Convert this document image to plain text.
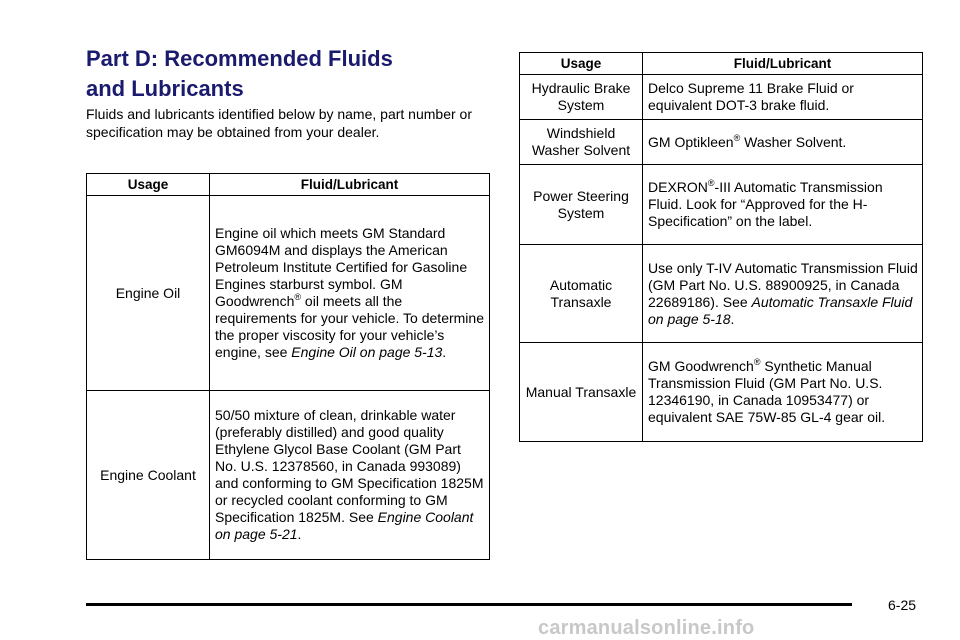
Part D: Recommended Fluids
and Lubricants

Fluids and lubricants identified below by name, part number or specification may be obtained from your dealer.

Usage	Fluid/Lubricant
Engine Oil	Engine oil which meets GM Standard GM6094M and displays the American Petroleum Institute Certified for Gasoline Engines starburst symbol. GM Goodwrench® oil meets all the requirements for your vehicle. To determine the proper viscosity for your vehicle’s engine, see Engine Oil on page 5-13.
Engine Coolant	50/50 mixture of clean, drinkable water (preferably distilled) and good quality Ethylene Glycol Base Coolant (GM Part No. U.S. 12378560, in Canada 993089) and conforming to GM Specification 1825M or recycled coolant conforming to GM Specification 1825M. See Engine Coolant on page 5-21.
Usage	Fluid/Lubricant
Hydraulic Brake System	Delco Supreme 11 Brake Fluid or equivalent DOT-3 brake fluid.
Windshield Washer Solvent	GM Optikleen® Washer Solvent.
Power Steering System	DEXRON®-III Automatic Transmission Fluid. Look for “Approved for the H-Specification” on the label.
Automatic Transaxle	Use only T-IV Automatic Transmission Fluid (GM Part No. U.S. 88900925, in Canada 22689186). See Automatic Transaxle Fluid on page 5-18.
Manual Transaxle	GM Goodwrench® Synthetic Manual Transmission Fluid (GM Part No. U.S. 12346190, in Canada 10953477) or equivalent SAE 75W-85 GL-4 gear oil.
6-25
carmanualsonline.info
